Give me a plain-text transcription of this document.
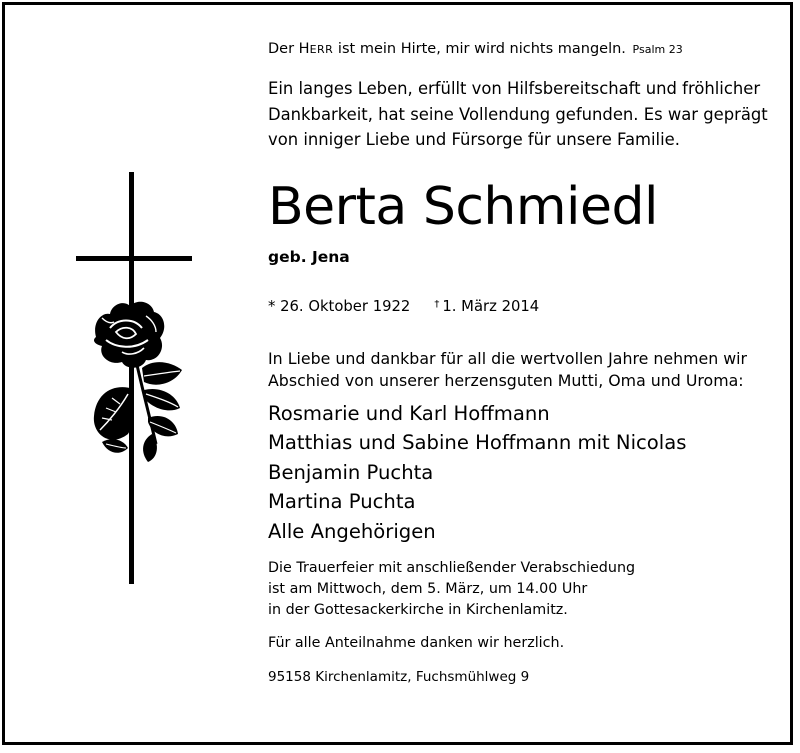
Der HERR ist mein Hirte, mir wird nichts mangeln. Psalm 23
Ein langes Leben, erfüllt von Hilfsbereitschaft und fröhlicher
Dankbarkeit, hat seine Vollendung gefunden. Es war geprägt
von inniger Liebe und Fürsorge für unsere Familie.
Berta Schmiedl
geb. Jena
* 26. Oktober 1922 † 1. März 2014
In Liebe und dankbar für all die wertvollen Jahre nehmen wir
Abschied von unserer herzensguten Mutti, Oma und Uroma:
Rosmarie und Karl Hoffmann
Matthias und Sabine Hoffmann mit Nicolas
Benjamin Puchta
Martina Puchta
Alle Angehörigen
Die Trauerfeier mit anschließender Verabschiedung
ist am Mittwoch, dem 5. März, um 14.00 Uhr
in der Gottesackerkirche in Kirchenlamitz.
Für alle Anteilnahme danken wir herzlich.
95158 Kirchenlamitz, Fuchsmühlweg 9
